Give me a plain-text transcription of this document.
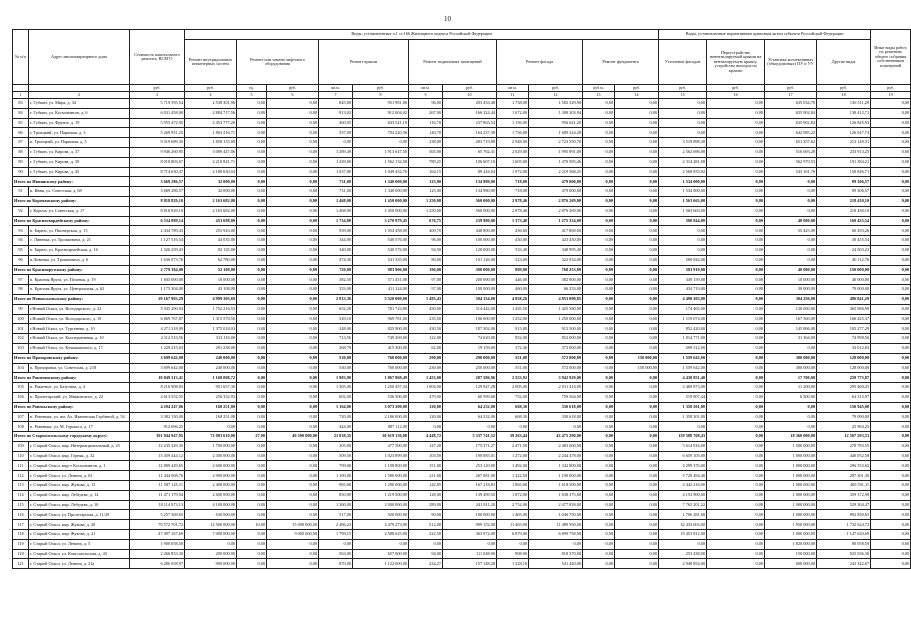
10
№ п/п	Адрес многоквартирного дома	Стоимость капитального ремонта, ВСЕГО	Виды, установленные ч.1 ст.166 Жилищного кодекса Российской Федерации											Виды, установленные нормативным правовым актом субъекта Российской Федерации				Иные виды работ, по решению общего собрания собственников помещений
			Ремонт внутридомовых инженерных систем	Ремонт или замена лифтового оборудования		Ремонт крыши		Ремонт подвальных помещений		Ремонт фасада		Ремонт фундамента		Утепление фасадов	Переустройство невентилируемой крыши на вентилируемую крышу, устройство выходов на кровлю	Установка коллективных (общедомовых) ПУ и УУ	Другие виды	
		руб.	руб.	ед.	руб.	кв.м.	руб.	кв.м.	руб.	кв.м.	руб.	куб.м.	руб.	руб.	руб.	руб.	руб.	руб.
1	2	3	4	5	6	7	8	9	10	11	12	13	14	15	16	17	18	19
83	г. Губкин, ул. Мира, д. 34	5 719 595,54	2 538 301,96	0,00	0,00	845,00	951 981,06	96,00	203 433,48	1 738,00	1 582 329,90	0,00	0,00	0,00	0,00	635 034,70	136 511,29	0,00
84	г. Губкин, ул. Космонавтов, д. 6	6 031 458,00	2 884 717,56	0,00	0,00	813,02	912 004,02	267,00	166 324,44	1 672,00	1 308 303,94	0,00	0,00	0,00	0,00	635 902,84	130 412,71	0,00
85	г. Губкин, ул. Фрунзе, д. 19	5 555 472,95	2 453 777,20	0,00	0,00	460,05	843 541,10	116,70	237 863,54	1 156,00	956 641,20	0,00	0,00	0,00	0,00	635 902,84	126 845,93	0,00
86	г. Троицкий, ул. Парковая, д. 3	5 269 951,25	1 863 216,71	0,00	0,00	537,00	704 220,36	140,70	164 237,38	1 756,00	1 689 224,28	0,00	0,00	0,00	0,00	642 085,22	126 047,74	0,00
87	п. Троицкий, ул. Парковая, д. 5	9 319 689,30	1 858 155,08	0,00	0,00	0,00	0,00	238,00	283 719,88	2 948,00	2 723 550,70	0,00	0,00	3 519 898,30	0,00	651 357,62	213 149,31	0,00
88	г. Губкин, ул. Кирова, д. 37	9 946 260,95	3 089 447,06	0,00	0,00	1 289,49	1 913 647,50	365,00	65 762,41	2 029,00	1 995 891,00	0,00	0,00	2 562 696,08	0,00	516 693,28	233 913,25	0,00
89	г. Губкин, ул. Кирова, д. 39	8 010 803,67	2 210 841,71	0,00	0,00	1 239,00	1 562 132,58	789,25	106 607,10	1 605,00	1 470 585,46	0,00	0,00	2 314 281,08	0,00	562 970,53	191 384,21	0,00
90	г. Губкин, ул. Кирова, д. 45	8 714 630,47	2 188 630,04	0,00	0,00	1 037,80	1 049 432,76	164,15	89 244,04	1 972,00	2 219 568,25	0,00	0,00	2 568 833,92	0,00	543 161,76	158 846,71	0,00
Итого по Ивнянскому району:		3 669 286,57	32 000,00	0,00	0,00	731,00	1 340 000,00	125,00	134 980,00	718,00	479 000,00	0,00	0,00	1 534 000,00	0,00	0,00	89 306,57	0,00
91	п. Ивня, ул. Советская, д. 68	3 669 286,57	32 000,00	0,00	0,00	731,00	1 340 000,00	125,00	134 980,00	718,00	479 000,00	0,00	0,00	1 534 000,00	0,00	0,00	89 306,57	0,00
Итого по Корочанскому району:		8 818 829,10	2 163 682,00	0,00	0,00	1 468,00	1 450 000,00	1 250,00	560 000,00	2 878,46	2 876 269,00	0,00	0,00	1 563 663,00	0,00	0,00	218 430,10	0,00
92	г. Короча, ул. Советская, д. 17	8 818 829,10	2 163 682,00	0,00	0,00	1 468,00	1 450 000,00	1 250,00	560 000,00	2 878,46	2 876 269,00	0,00	0,00	1 563 663,00	0,00	0,00	218 430,10	0,00
Итого по Красногвардейскому району:		6 534 089,14	453 698,00	0,00	0,00	1 734,00	3 270 979,45	676,75	239 980,00	1 373,40	1 275 334,00	0,00	0,00	580 844,00	0,00	48 080,00	169 455,54	0,00
93	п. Бирюч, ул. Пионерская, д. 15	2 434 789,43	255 943,00	0,00	0,00	939,00	1 054 458,00	400,70	448 800,00	436,60	417 869,00	0,00	0,00	0,00	0,00	55 425,00	60 293,26	0,00
94	с. Ливенка, ул. Трошкевича, д. 21	1 127 516,54	43 035,00	0,00	0,00	344,00	540 576,00	96,00	100 000,00	430,00	423 450,00	0,00	0,00	0,00	0,00	0,00	30 455,54	0,00
95	п. Бирюч, ул. Красноармейская, д. 16	1 326 239,43	92 135,00	0,00	0,00	340,00	540 576,00	94,50	120 000,00	533,40	348 995,40	0,00	0,00	0,00	0,00	0,00	24 503,23	0,00
96	п.Ливенка, ул. Трошкевича, д. 6	1 636 073,76	62 780,00	0,00	0,00	474,30	541 335,00	80,00	101 126,00	523,00	322 934,00	0,00	0,00	580 844,00	0,00	0,00	40 112,76	0,00
Итого по Красноярузскому району:		2 779 384,00	52 108,00	0,00	0,00	720,00	983 906,00	196,00	300 000,00	809,00	768 253,00	0,00	0,00	583 919,00	0,00	40 000,00	150 000,00	0,00
97	п. Красная Яруга, ул. Полевая, д. 19	1 603 000,00	10 000,00	0,00	0,00	382,50	571 451,00	97,00	200 000,00	446,00	382 000,00	0,00	0,00	349 159,00	0,00	10 000,00	40 000,00	0,00
98	п. Красная Яруга, ул. Центральная, д. 62	1 175 304,00	43 108,00	0,00	0,00	353,00	411 124,00	97,00	100 000,00	460,00	66 253,00	0,00	0,00	434 719,00	0,00	30 000,00	79 000,00	0,00
Итого по Новооскольскому району:		29 167 903,29	4 999 305,69	0,00	0,00	2 813,36	5 320 000,00	1 495,43	504 154,00	4 858,26	4 853 090,85	0,00	0,00	4 490 203,00	0,00	304 256,00	496 841,29	0,00
99	г.Новый Оскол, ул. Володарского, д. 22	5 945 290,94	1 752 216,53	0,00	0,00	652,20	781 723,80	450,00	114 442,00	1 435,50	1 425 580,00	0,00	0,00	174 465,00	0,00	130 000,00	365 086,90	0,00
100	г.Новый Оскол, ул. Володарского, д. 19	6 869 767,87	1 315 570,50	0,00	0,00	549,10	969 781,00	235,50	106 000,00	1 252,00	1 250 000,00	0,00	0,00	1 119 074,00	0,00	167 560,00	166 425,37	0,00
101	г.Новый Оскол, ул. Тургенева, д. 10	4 271 318,09	1 375 018,03	0,00	0,00	248,00	825 900,00	430,50	187 302,00	915,80	915 500,00	0,00	0,00	852 420,00	0,00	145 806,00	105 277,29	0,00
102	г.Новый Оскол, ул. Кооперативная, д. 10	2 112 513,56	313 116,00	0,00	0,00	713,56	749 269,00	122,00	74 620,00	852,00	852 000,00	0,00	0,00	1 014 771,00	0,00	31 364,00	74 998,56	0,00
103	г.Новый Оскол, ул. Кочкаковского, д. 17	1 229 215,03	291 238,00	0,00	0,00	268,70	415 300,00	62,00	19 159,00	372,36	373 000,00	0,00	0,00	209 512,00	0,00	0,00	33 012,83	0,00
Итого по Прохоровскому району:		3 699 642,00	240 000,00	0,00	0,00	530,00	760 000,00	290,00	290 000,00	551,00	572 000,00	0,00	150 000,00	1 559 642,00	0,00	300 000,00	128 000,00	0,00
104	п. Прохоровка, ул. Советская, д. 218	3 699 642,00	240 000,00	0,00	0,00	530,00	760 000,00	230,00	250 000,00	551,00	572 000,00	0,00	150 000,00	1 559 642,00	0,00	300 000,00	128 000,00	0,00
Итого по Ракитянскому району:		10 849 313,41	1 168 008,72	0,00	0,00	1 903,90	1 867 868,49	1 453,00	287 586,96	2 553,92	3 942 929,00	0,00	0,00	4 430 851,40	0,00	17 700,00	258 775,87	0,00
105	п. Ракитное, ул. Базутина, д. 4	8 216 908,83	951 657,30	0,00	0,00	1 305,00	1 250 457,34	1 004,00	129 947,28	2 005,00	2 011 414,09	0,00	0,00	3 469 873,00	0,00	11 200,00	295 460,25	0,00
106	п. Пролетарский, ул. Маяковского, д. 22	2 613 552,55	256 352,93	0,00	0,00	602,00	536 500,00	479,00	60 599,68	752,00	759 364,00	0,00	0,00	519 907,44	0,00	6 500,00	63 315,97	0,00
Итого по Ровеньскому району:		4 294 247,06	168 251,00	0,00	0,00	1 164,00	3 073 300,00	120,00	64 232,00	668,30	330 618,00	0,00	0,00	1 358 501,00	0,00	0,00	150 945,00	0,00
107	п. Ровеньки, ул. им. Ал. Ивачевская Гарбиной, д. 54	3 382 150,00	168 251,00	0,00	0,00	720,00	2 186 000,00	120,00	64 232,00	668,30	330 618,00	0,00	0,00	1 358 301,00	0,00	0,00	79 090,00	0,00
108	п. Ровеньки, ул. М. Горького, д. 17	912 096,25	0,00	0,00	0,00	444,00	887 112,00	0,00	0,00	0,00	0,00	0,00	0,00	0,00	0,00	0,00	25 984,25	0,00
Итого по Старооскольскому городскому округу:		391 944 947,95	73 083 610,00	27,00	40 500 000,00	21 038,35	30 619 136,00	4 448,72	5 337 741,52	39 263,44	43 475 290,00	0,00	0,00	159 588 768,43	0,00	18 360 000,00	12 507 293,53	0,00
109	г. Старый Оскол, мкр. Интернациональный, д. 25	12 235 329,30	1 700 000,00	0,00	0,00	205,00	477 500,00	147,20	175 371,27	2 471,50	2 483 000,00	0,00	0,00	5 614 816,00	0,00	1 500 000,00	278 783,55	0,00
110	г. Старый Оскол, мкр. Горняк, д. 32	13 459 444,12	2 300 000,00	0,00	0,00	509,50	1 023 899,00	103,50	190 085,01	1 272,00	2 244 478,00	0,00	0,00	6 659 105,00	0,00	1 000 000,00	440 052,58	0,00
111	г. Старый Оскол, мкр-т Космонавтов, д. 1	12 889 429,65	2 600 000,00	0,00	0,00	799,00	1 198 800,00	151,00	253 120,00	1 492,00	1 342 800,00	0,00	0,00	4 299 376,00	0,00	1 000 000,00	296 553,65	0,00
112	г. Старый Оскол, ул. Ленина, д. 63	11 444 068,76	2 900 000,00	0,00	0,00	1 100,00	1 580 000,00	211,00	267 081,00	1 322,50	1 190 000,00	0,00	0,00	5 729 494,40	0,00	1 000 000,00	287 301,30	0,00
113	г. Старый Оскол, мкр. Жукова, д. 12	11 587 125,11	2 400 000,00	0,00	0,00	965,00	1 290 000,00	142,85	167 218,83	1 865,00	1 618 500,00	0,00	0,00	4 442 216,00	0,00	1 000 000,00	400 591,11	0,00
114	г. Старый Оскол, мкр. Лебедева, д. 14	11 471 179,94	2 600 000,00	0,00	0,00	850,00	1 219 500,00	128,00	139 499,50	1 872,00	1 638 375,00	0,00	0,00	4 153 900,00	0,00	1 000 000,00	359 372,98	0,00
115	г. Старый Оскол, мкр. Лебедева, д. 16	18 114 973,13	4 100 000,00	0,00	0,00	1 360,00	2 000 000,00	289,00	241 811,20	2 752,00	2 477 839,00	0,00	0,00	7 765 201,22	0,00	1 000 000,00	529 304,47	0,00
116	г. Старый Оскол, ул. Пролетарская, д. 11/29	5 257 369,65	630 000,00	0,00	0,00	517,00	920 000,00	90,00	100 000,00	1 465,00	1 046 750,00	0,00	0,00	1 706 281,00	0,00	1 000 000,00	892 830,65	0,00
117	г. Старый Оскол, мкр. Жукова, д. 20	79 572 701,72	12 500 000,00	10,00	15 000 000,00	2 486,23	4 479 273,00	512,00	999 152,00	11 465,00	11 489 950,00	0,00	0,00	32 433 003,00	0,00	1 950 000,00	1 732 624,72	0,00
118	г. Старый Оскол, мкр. Жукова, д. 21	47 497 167,69	7 000 000,00	9,00	9 000 000,00	1 799,15	2 588 625,00	322,50	363 972,00	6 879,00	6 899 758,00	0,00	0,00	19 453 812,00	0,00	1 000 000,00	1 147 620,69	0,00
119	г. Старый Оскол, ул. Ленина, д. 5	1 900 058,50	0,00	0,00	0,00	0,00	0,00	0,00	0,00	0,00	0,00	0,00	0,00	0,00	0,00	1 820 000,00	80 058,50	0,00
120	г. Старый Оскол, ул. Комсомольская, д. 43	2 266 853,30	200 000,00	0,00	0,00	563,00	657 000,00	94,00	111 048,00	908,00	818 370,00	0,00	0,00	253 438,00	0,00	150 000,00	925 036,30	0,00
121	г. Старый Оскол, ул. Ленина, д. 21а	6 286 058,97	900 000,00	0,00	0,00	870,00	1 122 000,00	234,27	157 148,28	1 328,10	541 420,00	0,00	0,00	2 948 854,00	0,00	600 000,00	243 342,67	0,00
